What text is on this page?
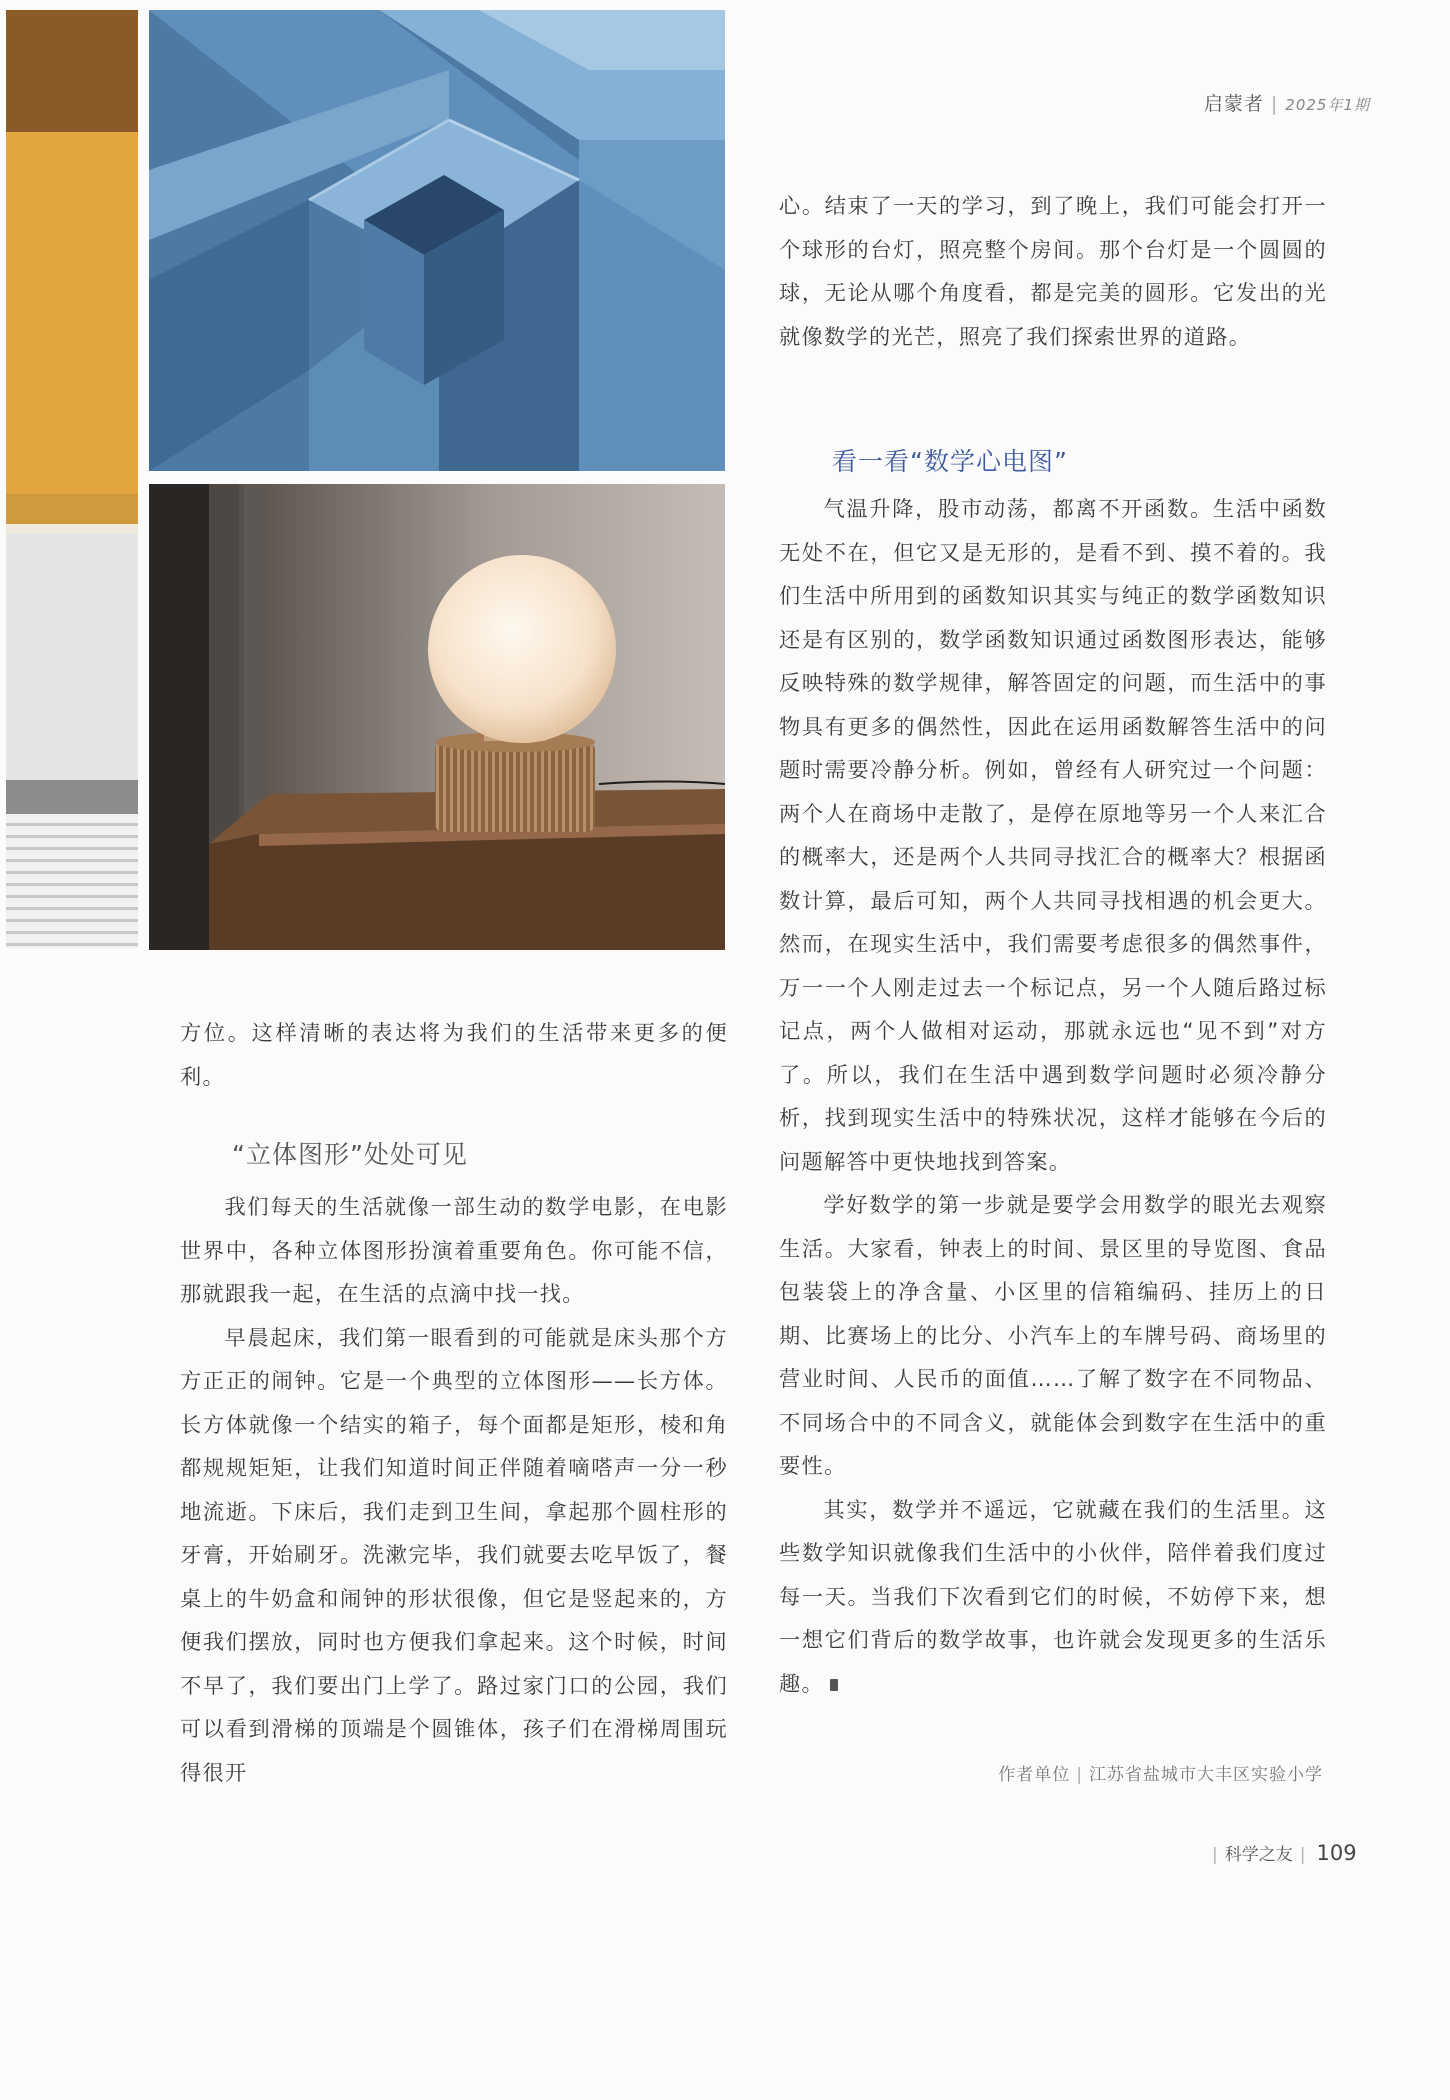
启蒙者 | 2025年1期

方位。这样清晰的表达将为我们的生活带来更多的便利。

“立体图形”处处可见

我们每天的生活就像一部生动的数学电影，在电影世界中，各种立体图形扮演着重要角色。你可能不信，那就跟我一起，在生活的点滴中找一找。

早晨起床，我们第一眼看到的可能就是床头那个方方正正的闹钟。它是一个典型的立体图形——长方体。长方体就像一个结实的箱子，每个面都是矩形，棱和角都规规矩矩，让我们知道时间正伴随着嘀嗒声一分一秒地流逝。下床后，我们走到卫生间，拿起那个圆柱形的牙膏，开始刷牙。洗漱完毕，我们就要去吃早饭了，餐桌上的牛奶盒和闹钟的形状很像，但它是竖起来的，方便我们摆放，同时也方便我们拿起来。这个时候，时间不早了，我们要出门上学了。路过家门口的公园，我们可以看到滑梯的顶端是个圆锥体，孩子们在滑梯周围玩得很开

心。结束了一天的学习，到了晚上，我们可能会打开一个球形的台灯，照亮整个房间。那个台灯是一个圆圆的球，无论从哪个角度看，都是完美的圆形。它发出的光就像数学的光芒，照亮了我们探索世界的道路。

看一看“数学心电图”

气温升降，股市动荡，都离不开函数。生活中函数无处不在，但它又是无形的，是看不到、摸不着的。我们生活中所用到的函数知识其实与纯正的数学函数知识还是有区别的，数学函数知识通过函数图形表达，能够反映特殊的数学规律，解答固定的问题，而生活中的事物具有更多的偶然性，因此在运用函数解答生活中的问题时需要冷静分析。例如，曾经有人研究过一个问题：两个人在商场中走散了，是停在原地等另一个人来汇合的概率大，还是两个人共同寻找汇合的概率大？根据函数计算，最后可知，两个人共同寻找相遇的机会更大。然而，在现实生活中，我们需要考虑很多的偶然事件，万一一个人刚走过去一个标记点，另一个人随后路过标记点，两个人做相对运动，那就永远也“见不到”对方了。所以，我们在生活中遇到数学问题时必须冷静分析，找到现实生活中的特殊状况，这样才能够在今后的问题解答中更快地找到答案。

学好数学的第一步就是要学会用数学的眼光去观察生活。大家看，钟表上的时间、景区里的导览图、食品包装袋上的净含量、小区里的信箱编码、挂历上的日期、比赛场上的比分、小汽车上的车牌号码、商场里的营业时间、人民币的面值……了解了数字在不同物品、不同场合中的不同含义，就能体会到数字在生活中的重要性。

其实，数学并不遥远，它就藏在我们的生活里。这些数学知识就像我们生活中的小伙伴，陪伴着我们度过每一天。当我们下次看到它们的时候，不妨停下来，想一想它们背后的数学故事，也许就会发现更多的生活乐趣。

作者单位 | 江苏省盐城市大丰区实验小学
| 科学之友 | 109
